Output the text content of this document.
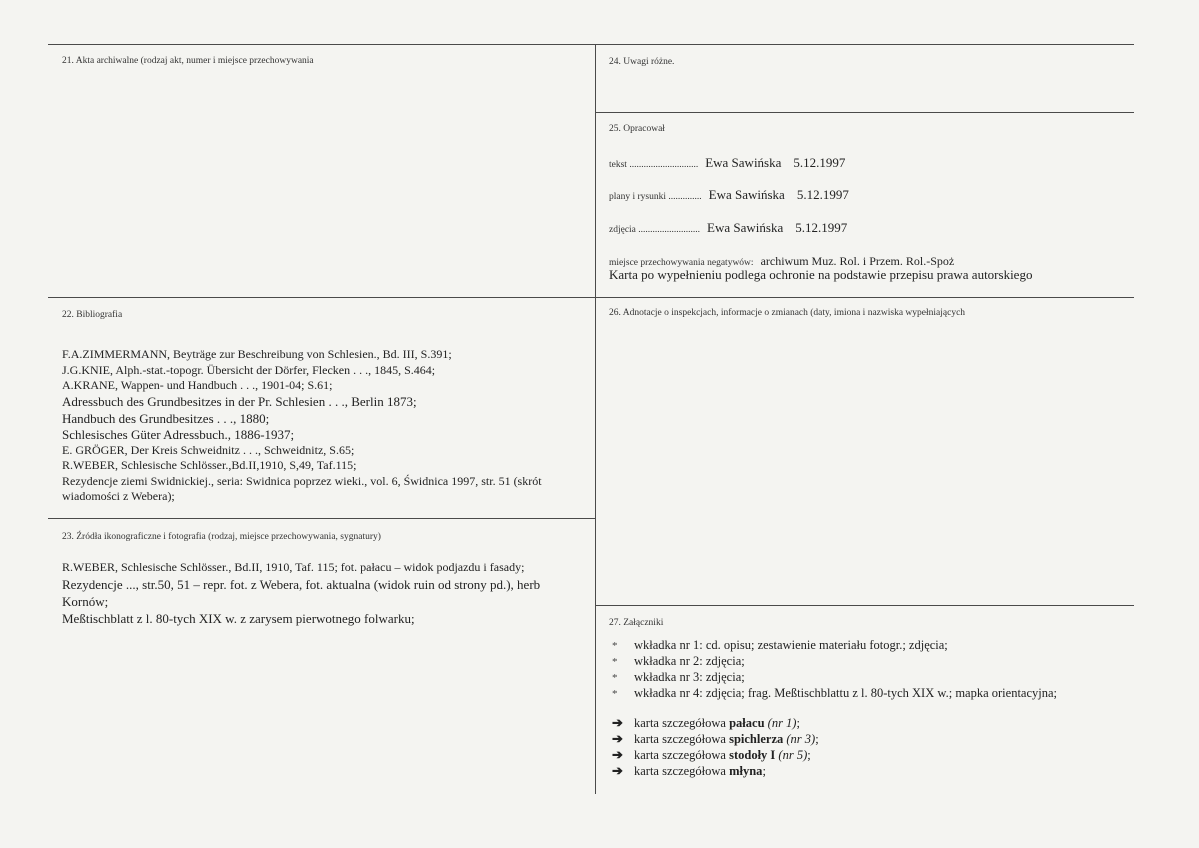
21. Akta archiwalne (rodzaj akt, numer i miejsce przechowywania	24. Uwagi różne.
25. Opracował
tekst ............................. Ewa Sawińska 5.12.1997
plany i rysunki .............. Ewa Sawińska 5.12.1997
zdjęcia .......................... Ewa Sawińska 5.12.1997
miejsce przechowywania negatywów: archiwum Muz. Rol. i Przem. Rol.-Spoż
Karta po wypełnieniu podlega ochronie na podstawie przepisu prawa autorskiego
22. Bibliografia
F.A.ZIMMERMANN, Beyträge zur Beschreibung von Schlesien., Bd. III, S.391;
J.G.KNIE, Alph.-stat.-topogr. Übersicht der Dörfer, Flecken . . ., 1845, S.464;
A.KRANE, Wappen- und Handbuch . . ., 1901-04; S.61;
Adressbuch des Grundbesitzes in der Pr. Schlesien . . ., Berlin 1873;
Handbuch des Grundbesitzes . . ., 1880;
Schlesisches Güter Adressbuch., 1886-1937;
E. GRÖGER, Der Kreis Schweidnitz . . ., Schweidnitz, S.65;
R.WEBER, Schlesische Schlösser.,Bd.II,1910, S,49, Taf.115;
Rezydencje ziemi Swidnickiej., seria: Swidnica poprzez wieki., vol. 6, Świdnica 1997, str. 51 (skrót
wiadomości z Webera);
26. Adnotacje o inspekcjach, informacje o zmianach (daty, imiona i nazwiska wypełniających
23. Źródła ikonograficzne i fotografia (rodzaj, miejsce przechowywania, sygnatury)
R.WEBER, Schlesische Schlösser., Bd.II, 1910, Taf. 115; fot. pałacu – widok podjazdu i fasady;
Rezydencje ..., str.50, 51 – repr. fot. z Webera, fot. aktualna (widok ruin od strony pd.), herb
Kornów;
Meßtischblatt z l. 80-tych XIX w. z zarysem pierwotnego folwarku;	27. Załączniki
* wkładka nr 1: cd. opisu; zestawienie materiału fotogr.; zdjęcia;
* wkładka nr 2: zdjęcia;
* wkładka nr 3: zdjęcia;
* wkładka nr 4: zdjęcia; frag. Meßtischblattu z l. 80-tych XIX w.; mapka orientacyjna;
➔ karta szczegółowa pałacu (nr 1);
➔ karta szczegółowa spichlerza (nr 3);
➔ karta szczegółowa stodoły I (nr 5);
➔ karta szczegółowa młyna;
